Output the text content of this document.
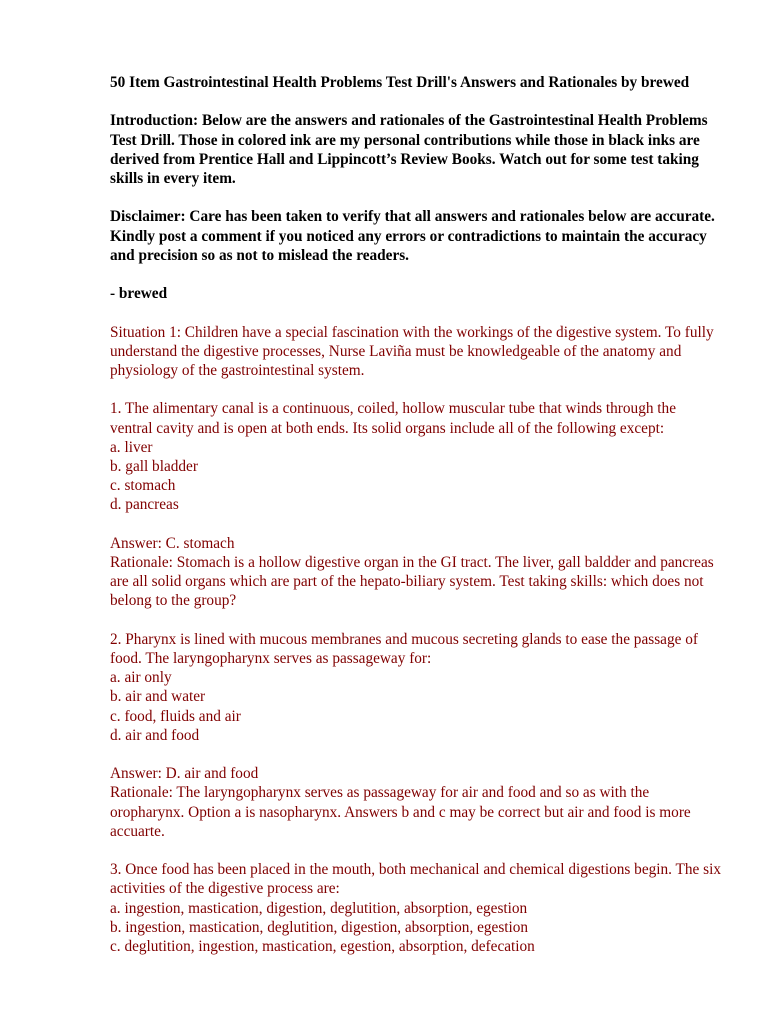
50 Item Gastrointestinal Health Problems Test Drill's Answers and Rationales by brewed

Introduction: Below are the answers and rationales of the Gastrointestinal Health Problems Test Drill. Those in colored ink are my personal contributions while those in black inks are derived from Prentice Hall and Lippincott’s Review Books. Watch out for some test taking skills in every item.

Disclaimer: Care has been taken to verify that all answers and rationales below are accurate. Kindly post a comment if you noticed any errors or contradictions to maintain the accuracy and precision so as not to mislead the readers.

- brewed

Situation 1: Children have a special fascination with the workings of the digestive system. To fully understand the digestive processes, Nurse Laviña must be knowledgeable of the anatomy and physiology of the gastrointestinal system.

1. The alimentary canal is a continuous, coiled, hollow muscular tube that winds through the ventral cavity and is open at both ends. Its solid organs include all of the following except:

a. liver
b. gall bladder
c. stomach
d. pancreas

Answer: C. stomach

Rationale: Stomach is a hollow digestive organ in the GI tract. The liver, gall baldder and pancreas are all solid organs which are part of the hepato-biliary system. Test taking skills: which does not belong to the group?

2. Pharynx is lined with mucous membranes and mucous secreting glands to ease the passage of food. The laryngopharynx serves as passageway for:

a. air only
b. air and water
c. food, fluids and air
d. air and food

Answer: D. air and food

Rationale: The laryngopharynx serves as passageway for air and food and so as with the oropharynx. Option a is nasopharynx. Answers b and c may be correct but air and food is more accuarte.

3. Once food has been placed in the mouth, both mechanical and chemical digestions begin. The six activities of the digestive process are:

a. ingestion, mastication, digestion, deglutition, absorption, egestion
b. ingestion, mastication, deglutition, digestion, absorption, egestion
c. deglutition, ingestion, mastication, egestion, absorption, defecation
